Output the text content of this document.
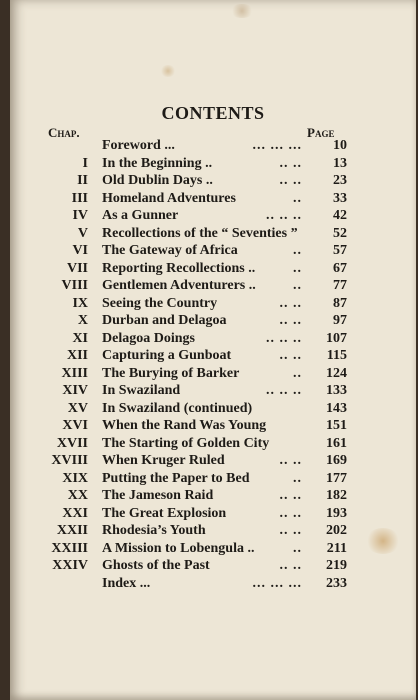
CONTENTS
Chap.	Page
Foreword ...	... ... ... 10
I In the Beginning ..	.. .. 13
II Old Dublin Days ..	.. .. 23
III Homeland Adventures	.. 33
IV As a Gunner	.. .. .. 42
V Recollections of the “ Seventies ”	52
VI The Gateway of Africa	.. 57
VII Reporting Recollections ..	.. 67
VIII Gentlemen Adventurers ..	.. 77
IX Seeing the Country	.. .. 87
X Durban and Delagoa	.. .. 97
XI Delagoa Doings	.. .. .. 107
XII Capturing a Gunboat	.. .. 115
XIII The Burying of Barker	.. 124
XIV In Swaziland	.. .. .. 133
XV In Swaziland (continued)	143
XVI When the Rand Was Young	151
XVII The Starting of Golden City	161
XVIII When Kruger Ruled	.. .. 169
XIX Putting the Paper to Bed	.. 177
XX The Jameson Raid	.. .. 182
XXI The Great Explosion	.. .. 193
XXII Rhodesia’s Youth	.. .. 202
XXIII A Mission to Lobengula ..	.. 211
XXIV Ghosts of the Past	.. .. 219
Index ...	... ... ... 233
